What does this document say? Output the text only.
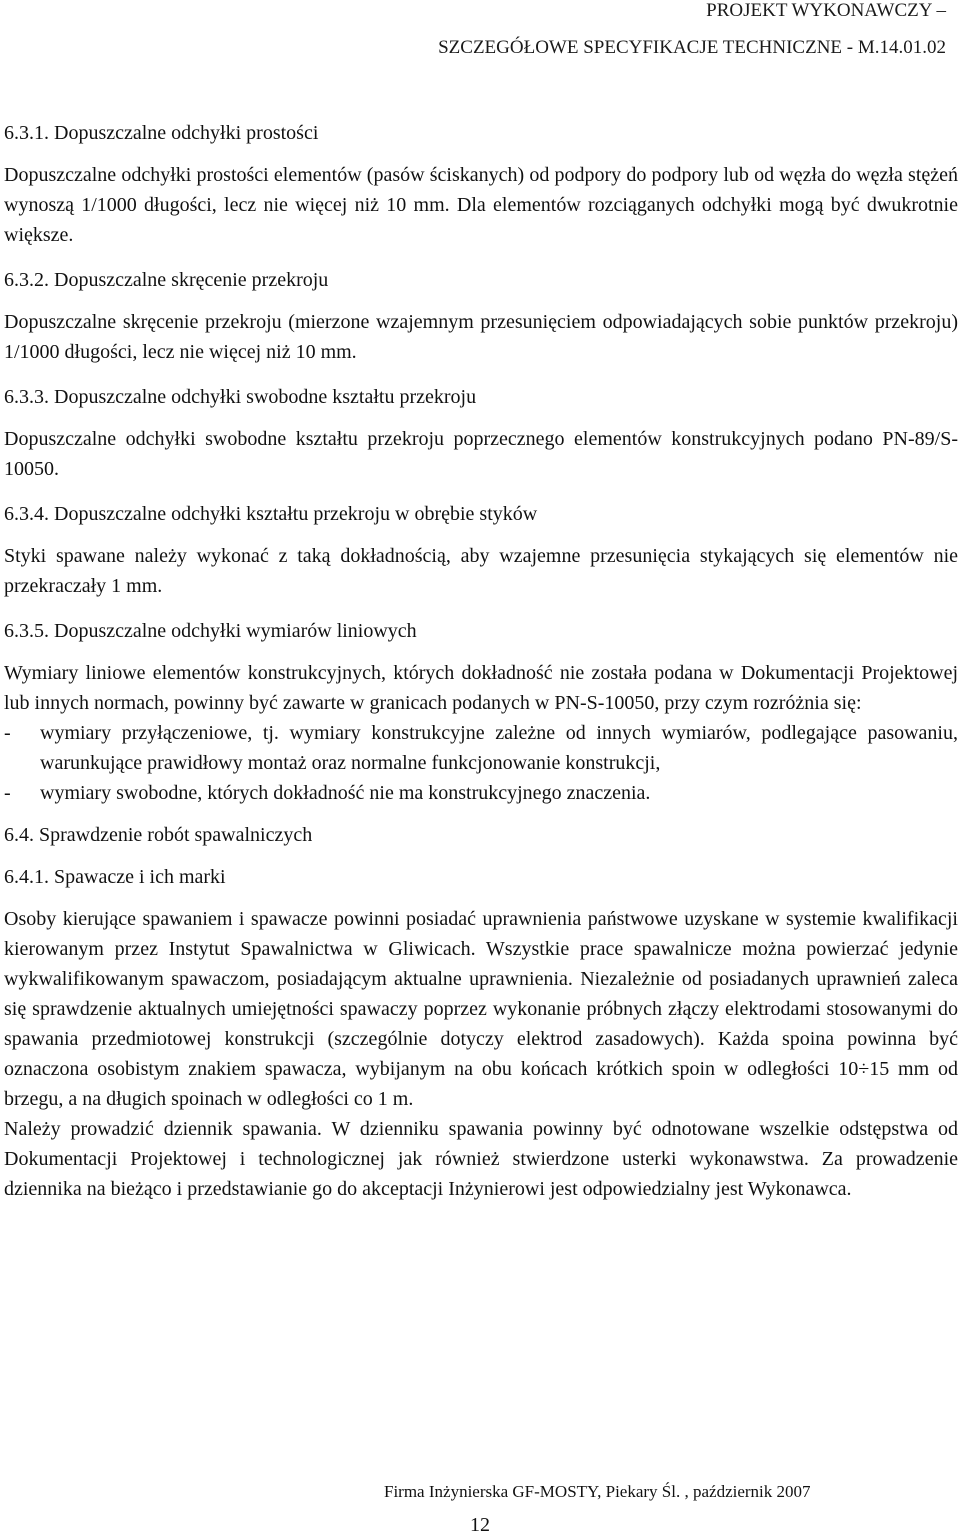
PROJEKT WYKONAWCZY –
SZCZEGÓŁOWE SPECYFIKACJE TECHNICZNE - M.14.01.02
6.3.1. Dopuszczalne odchyłki prostości
Dopuszczalne odchyłki prostości elementów (pasów ściskanych) od podpory do podpory lub od węzła do węzła stężeń wynoszą 1/1000 długości, lecz nie więcej niż 10 mm. Dla elementów rozciąganych odchyłki mogą być dwukrotnie większe.
6.3.2. Dopuszczalne skręcenie przekroju
Dopuszczalne skręcenie przekroju (mierzone wzajemnym przesunięciem odpowiadających sobie punktów przekroju) 1/1000 długości, lecz nie więcej niż 10 mm.
6.3.3. Dopuszczalne odchyłki swobodne kształtu przekroju
Dopuszczalne odchyłki swobodne kształtu przekroju poprzecznego elementów konstrukcyjnych podano PN-89/S-10050.
6.3.4. Dopuszczalne odchyłki kształtu przekroju w obrębie styków
Styki spawane należy wykonać z taką dokładnością, aby wzajemne przesunięcia stykających się elementów nie przekraczały 1 mm.
6.3.5. Dopuszczalne odchyłki wymiarów liniowych
Wymiary liniowe elementów konstrukcyjnych, których dokładność nie została podana w Dokumentacji Projektowej lub innych normach, powinny być zawarte w granicach podanych w PN-S-10050, przy czym rozróżnia się:
-	wymiary przyłączeniowe, tj. wymiary konstrukcyjne zależne od innych wymiarów, podlegające pasowaniu, warunkujące prawidłowy montaż oraz normalne funkcjonowanie konstrukcji,
-	wymiary swobodne, których dokładność nie ma konstrukcyjnego znaczenia.
6.4. Sprawdzenie robót spawalniczych
6.4.1. Spawacze i ich marki
Osoby kierujące spawaniem i spawacze powinni posiadać uprawnienia państwowe uzyskane w systemie kwalifikacji kierowanym przez Instytut Spawalnictwa w Gliwicach. Wszystkie prace spawalnicze można powierzać jedynie wykwalifikowanym spawaczom, posiadającym aktualne uprawnienia. Niezależnie od posiadanych uprawnień zaleca się sprawdzenie aktualnych umiejętności spawaczy poprzez wykonanie próbnych złączy elektrodami stosowanymi do spawania przedmiotowej konstrukcji (szczególnie dotyczy elektrod zasadowych). Każda spoina powinna być oznaczona osobistym znakiem spawacza, wybijanym na obu końcach krótkich spoin w odległości 10÷15 mm od brzegu, a na długich spoinach w odległości co 1 m.
Należy prowadzić dziennik spawania. W dzienniku spawania powinny być odnotowane wszelkie odstępstwa od Dokumentacji Projektowej i technologicznej jak również stwierdzone usterki wykonawstwa. Za prowadzenie dziennika na bieżąco i przedstawianie go do akceptacji Inżynierowi jest odpowiedzialny jest Wykonawca.
Firma Inżynierska GF-MOSTY, Piekary Śl. , październik 2007
12
